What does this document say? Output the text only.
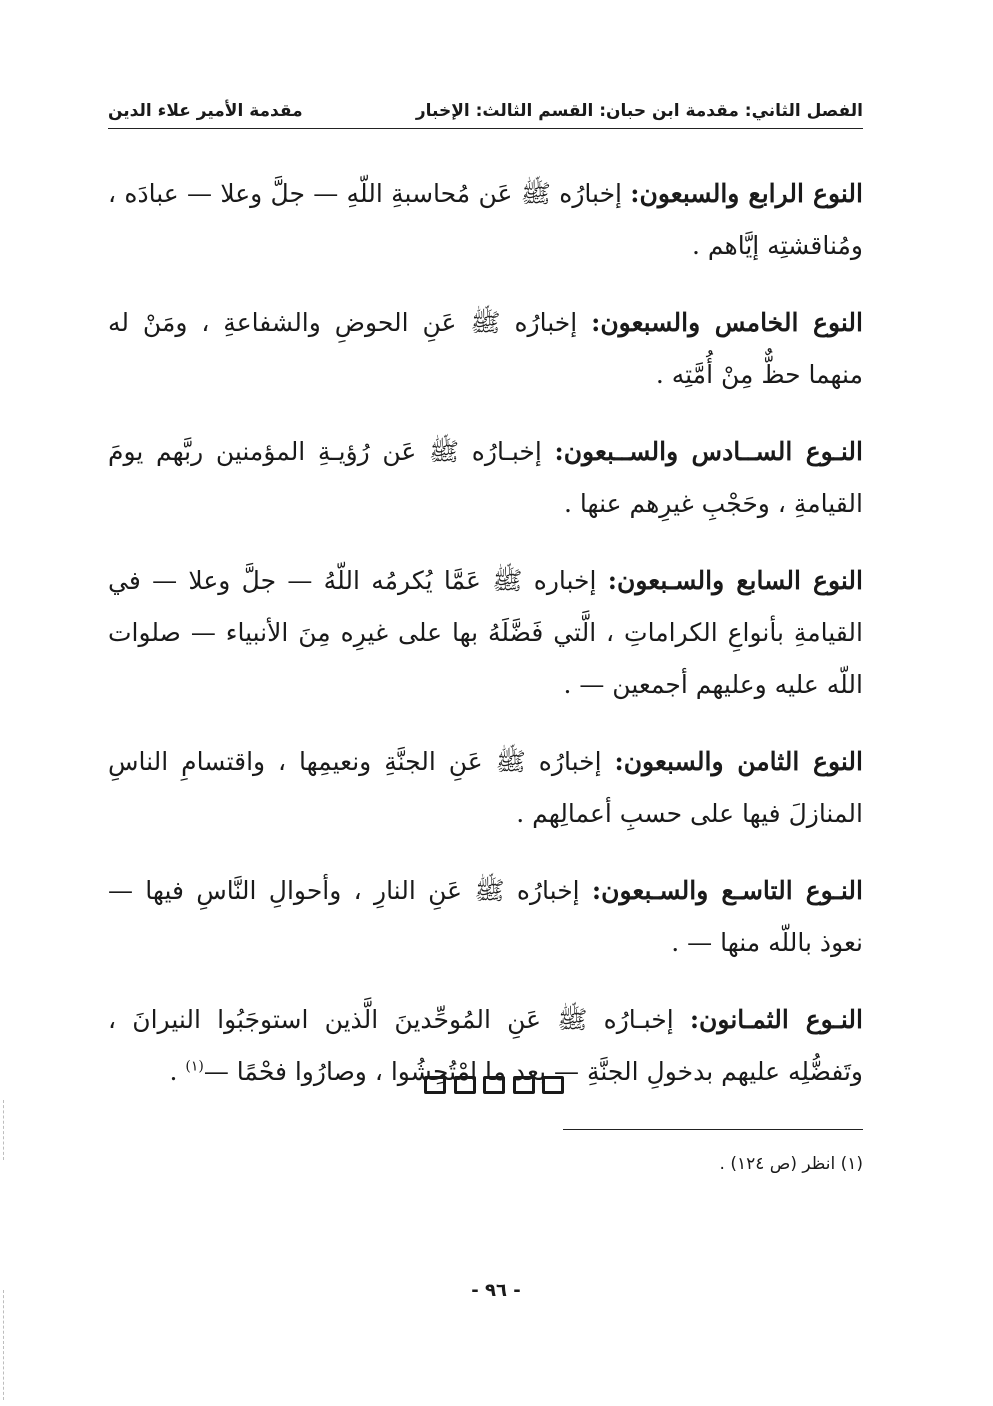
الفصل الثاني: مقدمة ابن حبان: القسم الثالث: الإخبار
مقدمة الأمير علاء الدين

النوع الرابع والسبعون: إخبارُه ﷺ عَن مُحاسبةِ اللّهِ — جلَّ وعلا — عبادَه ، ومُناقشتِه إيَّاهم .

النوع الخامس والسبعون: إخبارُه ﷺ عَنِ الحوضِ والشفاعةِ ، ومَنْ له منهما حظٌّ مِنْ أُمَّتِه .

النـوع الســادس والســبعون: إخبـارُه ﷺ عَن رُؤيـةِ المؤمنين ربَّهم يومَ القيامةِ ، وحَجْبِ غيرِهم عنها .

النوع السابع والسـبعون: إخباره ﷺ عَمَّا يُكرمُه اللّهُ — جلَّ وعلا — في القيامةِ بأنواعِ الكراماتِ ، الَّتي فَضَّلَهُ بها على غيرِه مِنَ الأنبياء — صلوات اللّه عليه وعليهم أجمعين — .

النوع الثامن والسبعون: إخبارُه ﷺ عَنِ الجنَّةِ ونعيمِها ، واقتسامِ الناسِ المنازلَ فيها على حسبِ أعمالِهم .

النـوع التاسـع والسـبعون: إخبارُه ﷺ عَنِ النارِ ، وأحوالِ النَّاسِ فيها — نعوذ باللّه منها — .

النـوع الثمـانون: إخبـارُه ﷺ عَنِ المُوحِّدينَ الَّذين استوجَبُوا النيرانَ ، وتَفضُّلِه عليهم بدخولِ الجنَّةِ — بعد ما امْتُحِشُوا ، وصارُوا فحْمًا —$^{(١)}$ .

(١) انظر (ص ١٢٤) .
- ٩٦ -
